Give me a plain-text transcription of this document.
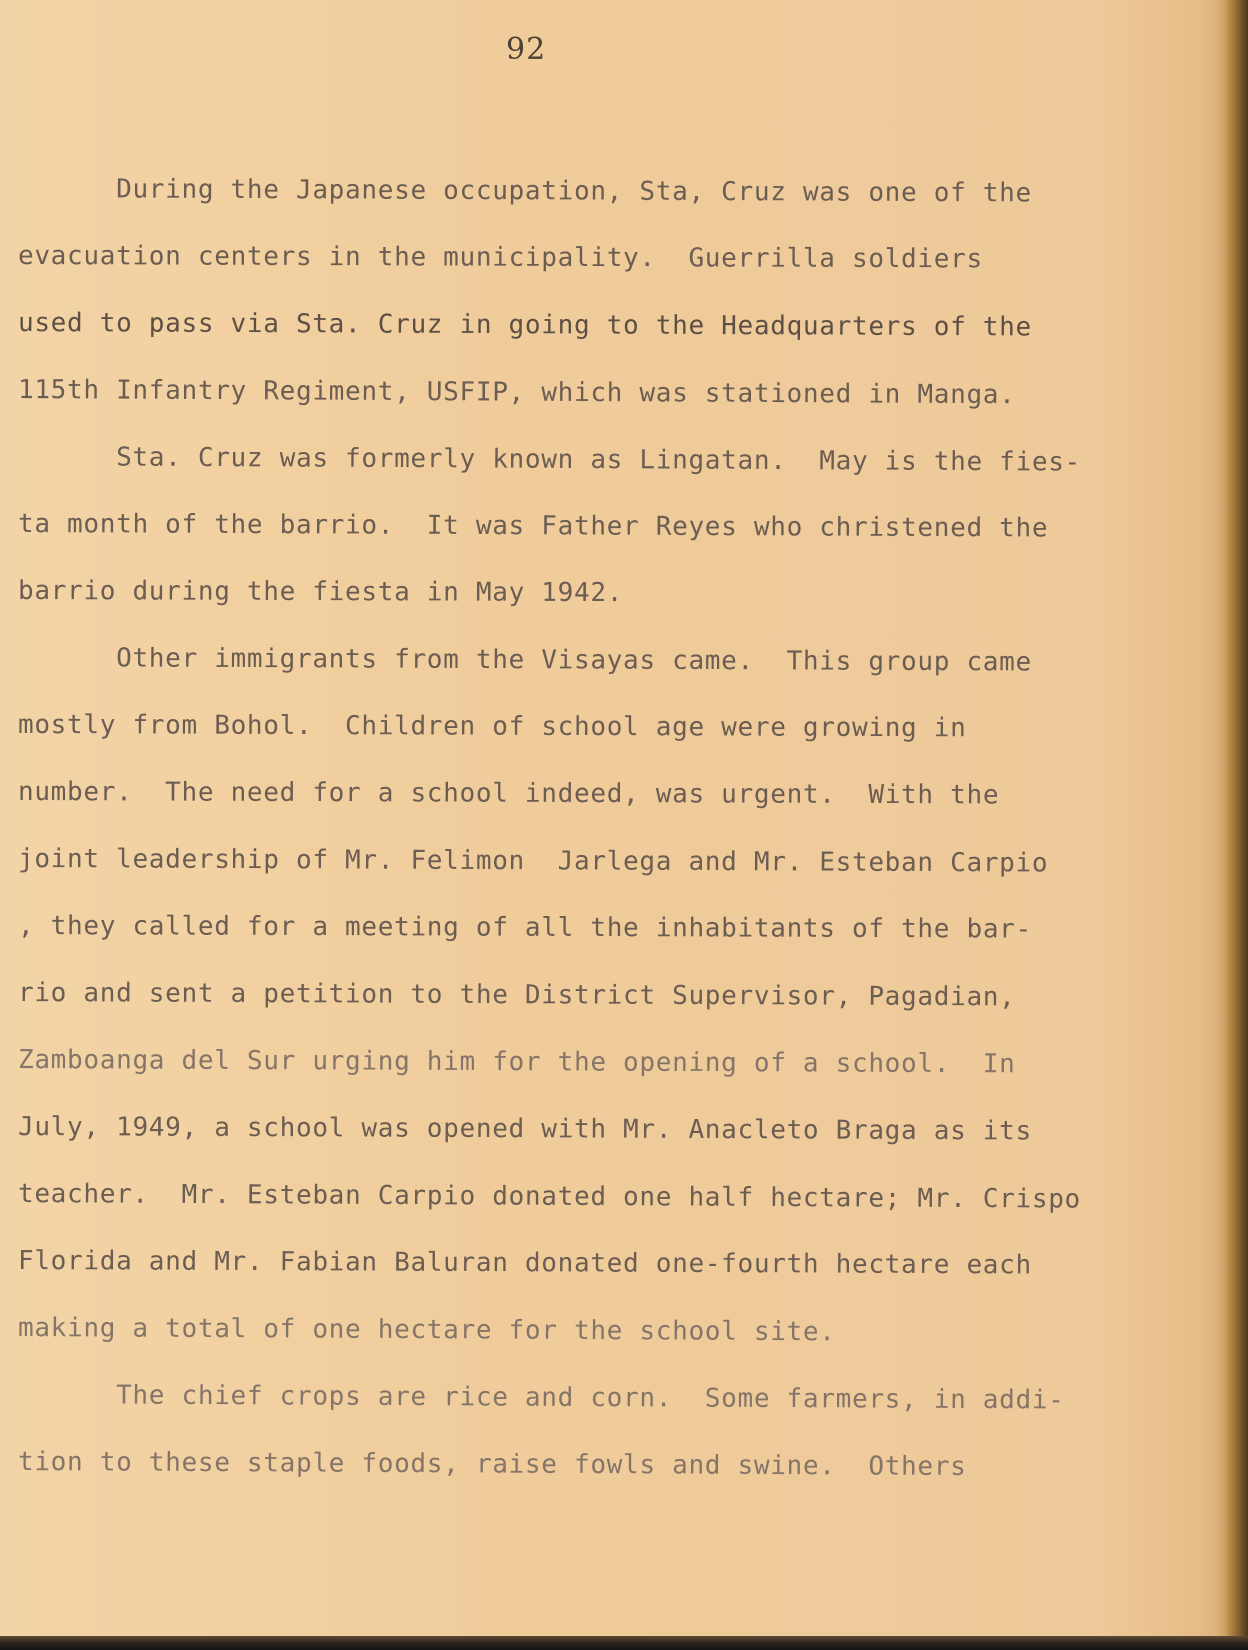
92
During the Japanese occupation, Sta, Cruz was one of the
evacuation centers in the municipality.  Guerrilla soldiers
used to pass via Sta. Cruz in going to the Headquarters of the
115th Infantry Regiment, USFIP, which was stationed in Manga.
Sta. Cruz was formerly known as Lingatan.  May is the fies-
ta month of the barrio.  It was Father Reyes who christened the
barrio during the fiesta in May 1942.
Other immigrants from the Visayas came.  This group came
mostly from Bohol.  Children of school age were growing in
number.  The need for a school indeed, was urgent.  With the
joint leadership of Mr. Felimon  Jarlega and Mr. Esteban Carpio
, they called for a meeting of all the inhabitants of the bar-
rio and sent a petition to the District Supervisor, Pagadian,
Zamboanga del Sur urging him for the opening of a school.  In
July, 1949, a school was opened with Mr. Anacleto Braga as its
teacher.  Mr. Esteban Carpio donated one half hectare; Mr. Crispo
Florida and Mr. Fabian Baluran donated one-fourth hectare each
making a total of one hectare for the school site.
The chief crops are rice and corn.  Some farmers, in addi-
tion to these staple foods, raise fowls and swine.  Others
